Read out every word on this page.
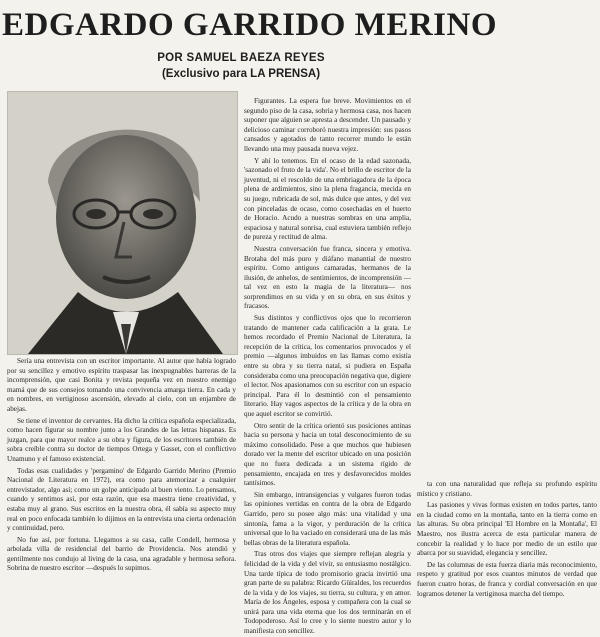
EDGARDO GARRIDO MERINO
POR SAMUEL BAEZA REYES
(Exclusivo para LA PRENSA)

Sería una entrevista con un escritor importante. Al autor que había logrado por su sencillez y emotivo espíritu traspasar las inexpugnables barreras de la incomprensión, que casi Bonita y revista pequeña vez en nuestro enemigo mamá que de sus consejos tomando una convivencia amarga tierra. En cada y en nombres, en vertiginoso ascensión, elevado al cielo, con un enjambre de abejas.

Se tiene el inventor de cervantes. Ha dicho la crítica española especializada, como hacen figurar su nombre junto a los Grandes de las letras hispanas. Es juzgan, para que mayor realce a su obra y figura, de los escritores también de sobra creíble contra su doctor de tiempos Ortega y Gasset, con el conflictivo Unamuno y el famoso existencial.

Todas esas cualidades y 'pergamino' de Edgardo Garrido Merino (Premio Nacional de Literatura en 1972), era como para atemorizar a cualquier entrevistador, algo así; como un golpe anticipado al buen viento. Lo pensamos, cuando y sentimos así, por esta razón, que esa maestra tiene creatividad, y estaba muy al grano. Sus escritos en la nuestra obra, él sabía su aspecto muy real en poco enfocada también lo dijimos en la entrevista una cierta ordenación y continuidad, pero.

No fue así, por fortuna. Llegamos a su casa, calle Condell, hermosa y arbolada villa de residencial del barrio de Providencia. Nos atendió y gentilmente nos condujo al living de la casa, una agradable y hermosa señora. Sobrina de nuestro escritor —después lo supimos.

Figurantes. La espera fue breve. Movimientos en el segundo piso de la casa, sobria y hermosa casa, nos hacen suponer que alguien se apresta a descender. Un pausado y delicioso caminar corroboró nuestra impresión: sus pasos cansados y agotados de tanto recorrer mundo le están llevando una muy pausada nueva vejez.

Y ahí lo tenemos. En el ocaso de la edad sazonada, 'sazonado el fruto de la vida'. No el brillo de escritor de la juventud, ni el rescoldo de una embriagadora de la época plena de ardimientos, sino la plena fragancia, mecida en su juego, rubricada de sol, más dulce que antes, y del vez con pinceladas de ocaso, como cosechadas en el huerto de Horacio. Acudo a nuestras sombras en una amplia, espaciosa y natural sonrisa, cual estuviera también reflejo de pureza y rectitud de alma.

Nuestra conversación fue franca, sincera y emotiva. Brotaba del más puro y diáfano manantial de nuestro espíritu. Como antiguos camaradas, hermanos de la ilusión, de anhelos, de sentimientos, de incomprensión —tal vez en esto la magia de la literatura— nos sorprendimos en su vida y en su obra, en sus éxitos y fracasos.

Sus distintos y conflictivos ojos que lo recorrieron tratando de mantener cada calificación a la grata. Le hemos recordado el Premio Nacional de Literatura, la recepción de la crítica, los comentarios provocados y el premio —algunos imbuidos en las llamas como existía entre su obra y su tierra natal, si pudiera en España consideraba como una preocupación negativa que, digiere el lector. Nos apasionamos con su escritor con un espacio principal. Para él lo desmintió con el pensamiento literario. Hay vagos aspectos de la crítica y de la obra en que aquel escritor se convirtió.

Otro sentir de la crítica orientó sus posiciones antinas hacia su persona y hacia un total desconocimiento de su máximo consolidado. Pese a que muchos que hubiesen dorado ver la mente del escritor ubicado en una posición que no fuera dedicada a un sistema rígido de pensamiento, encajada en tres y desfavorecidos moldes tantísimos.

Sin embargo, intransigencias y vulgares fueron todas las opiniones vertidas en contra de la obra de Edgardo Garrido, pero su posee algo más: una vitalidad y una sintonía, fama a la vigor, y perduración de la crítica universal que lo ha vaciado en considerará una de las más bellas obras de la literatura española.

Tras otros dos viajes que siempre reflejan alegría y felicidad de la vida y del vivir, su entusiasmo nostálgico. Una tarde típica de todo promisorio gracia invirtió una gran parte de su palabra: Ricardo Güiraldes, los recuerdos de la vida y de los viajes, su tierra, su cultura, y en amor. María de los Ángeles, esposa y compañera con la cual se unirá para una vida eterna que los dos terminarán en el Todopoderoso. Así lo cree y lo siente nuestro autor y lo manifiesta con sencillez.

ta con una naturalidad que refleja su profundo espíritu místico y cristiano.

Las pasiones y vivas formas existen en todos partes, tanto en la ciudad como en la montaña, tanto en la tierra como en las alturas. Su obra principal 'El Hombre en la Montaña', El Maestro, nos ilustra acerca de esta particular manera de concebir la realidad y lo hace por medio de un estilo que abarca por su suavidad, elegancia y sencillez.

De las columnas de esta fuerza diaria más reconocimiento, respeto y gratitud por esos cuantos minutos de verdad que fueron cuatro horas, de franca y cordial conversación en que logramos detener la vertiginosa marcha del tiempo.
